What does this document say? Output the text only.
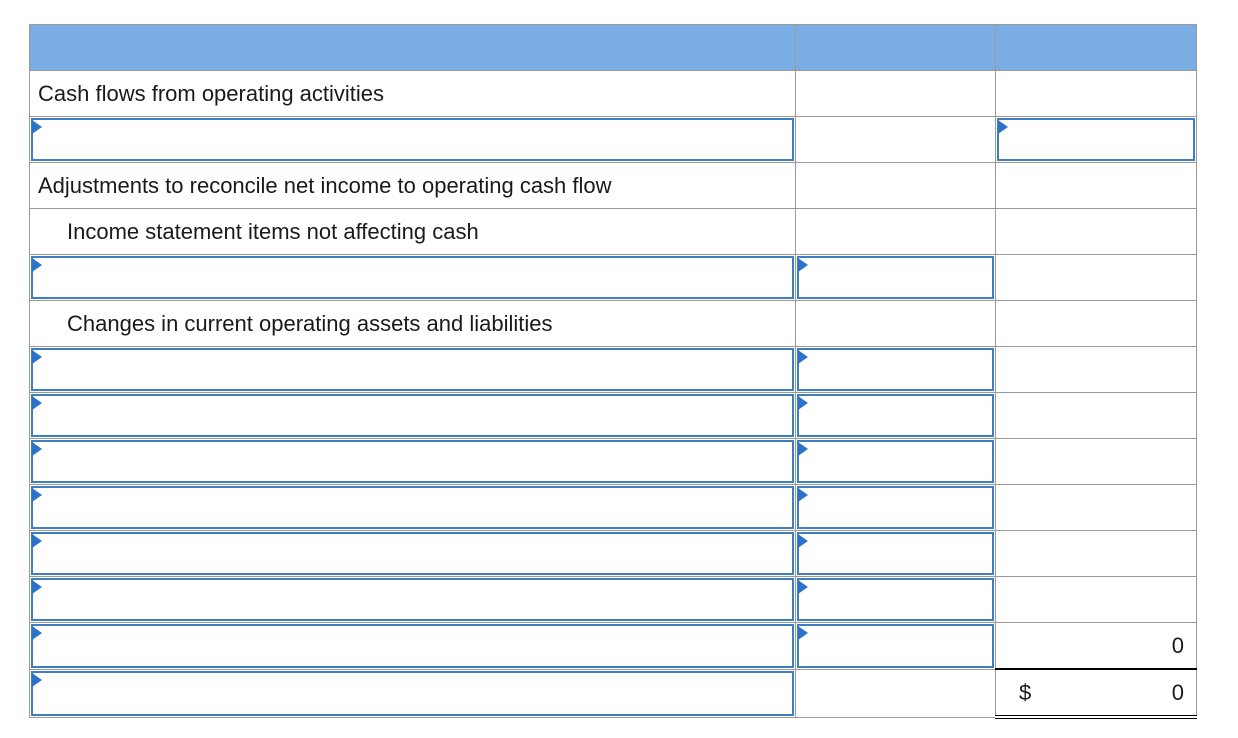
Cash flows from operating activities		

Adjustments to reconcile net income to operating cash flow		

Income statement items not affecting cash		

Changes in current operating assets and liabilities		

		0

		$ 0
